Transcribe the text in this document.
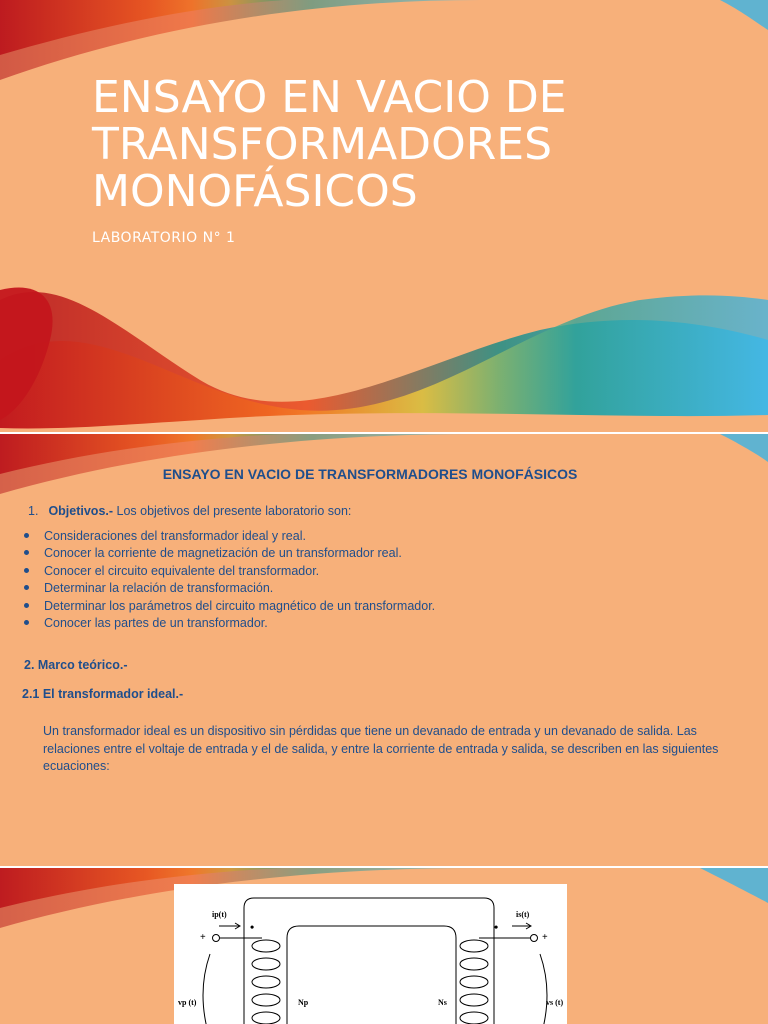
ENSAYO EN VACIO DE TRANSFORMADORES MONOFÁSICOS
LABORATORIO N° 1
ENSAYO EN VACIO DE TRANSFORMADORES MONOFÁSICOS
1. Objetivos.- Los objetivos del presente laboratorio son:
Consideraciones del transformador ideal y real.
Conocer la corriente de magnetización de un transformador real.
Conocer el circuito equivalente del transformador.
Determinar la relación de transformación.
Determinar los parámetros del circuito magnético de un transformador.
Conocer las partes de un transformador.
2. Marco teórico.-
2.1 El transformador ideal.-

Un transformador ideal es un dispositivo sin pérdidas que tiene un devanado de entrada y un devanado de salida. Las relaciones entre el voltaje de entrada y el de salida, y entre la corriente de entrada y salida, se describen en las siguientes ecuaciones:

ip(t)	is(t)
vp (t)	vs (t)
Np	Ns
+	+
•	•
